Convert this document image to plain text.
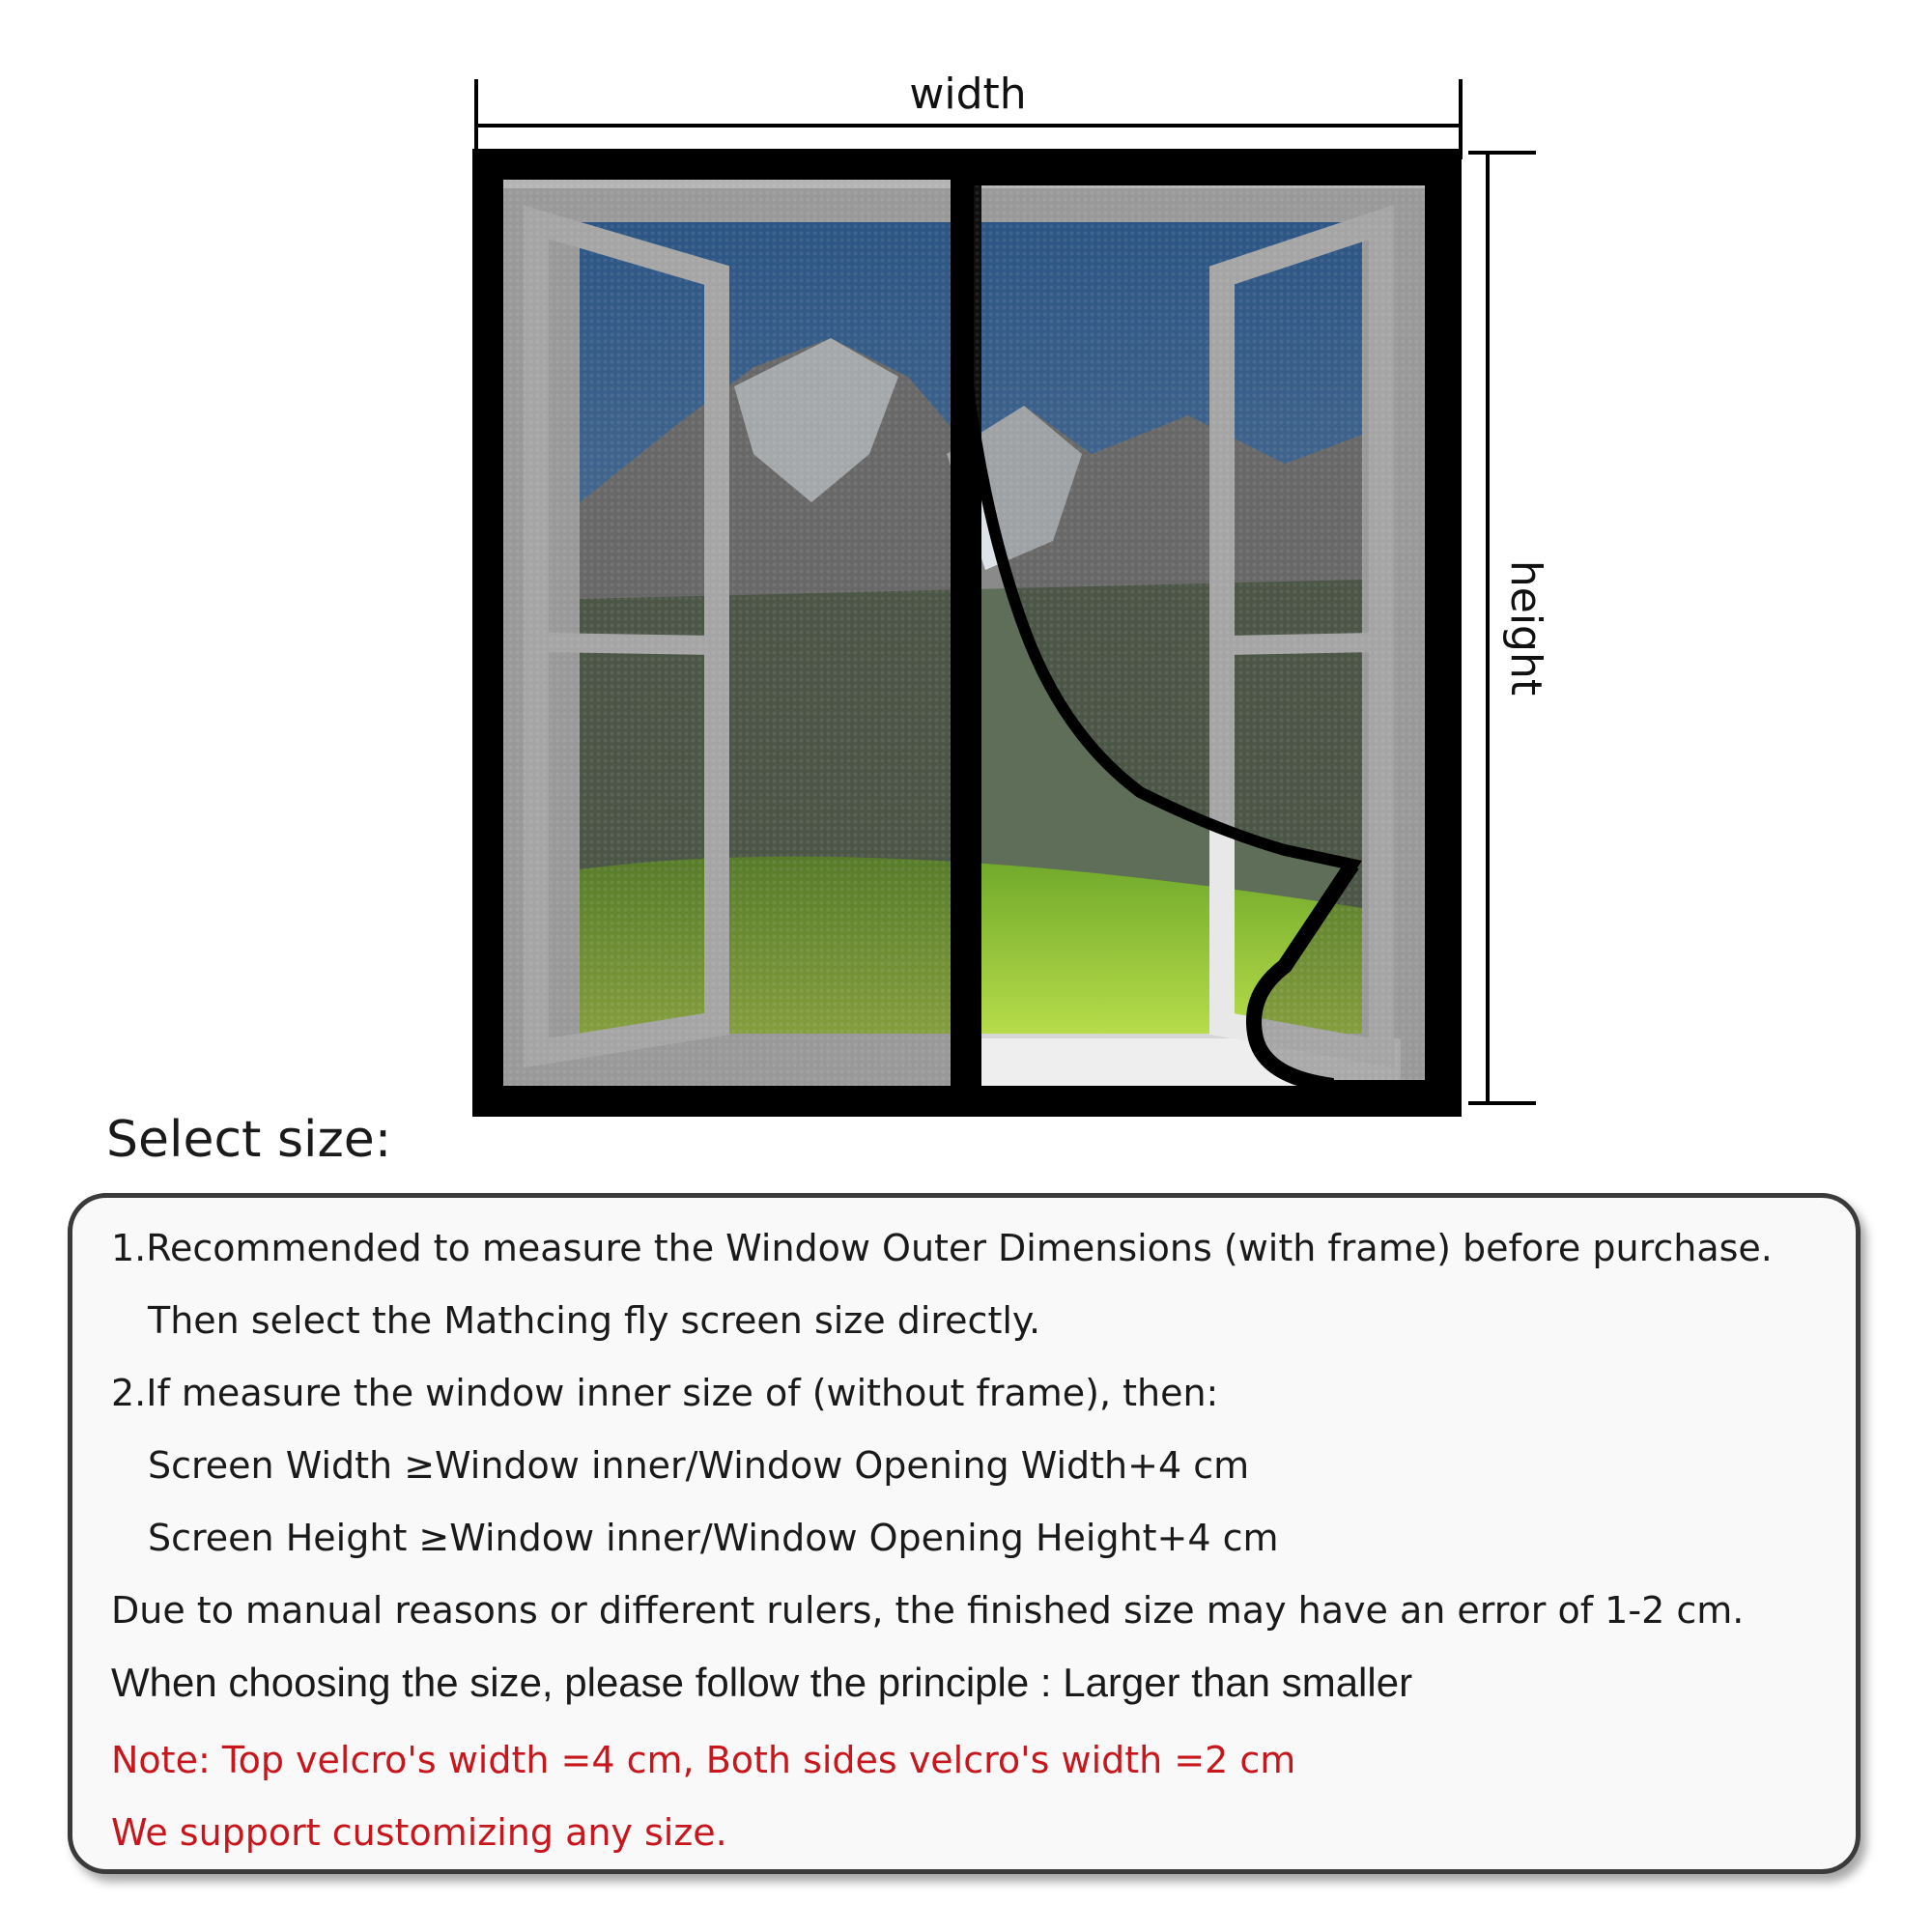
width
height
Select size:
1.Recommended to measure the Window Outer Dimensions (with frame) before purchase.
Then select the Mathcing fly screen size directly.
2.If measure the window inner size of (without frame), then:
Screen Width ≥Window inner/Window Opening Width+4 cm
Screen Height ≥Window inner/Window Opening Height+4 cm
Due to manual reasons or different rulers, the finished size may have an error of 1-2 cm.
When choosing the size, please follow the principle : Larger than smaller
Note: Top velcro's width =4 cm, Both sides velcro's width =2 cm
We support customizing any size.
